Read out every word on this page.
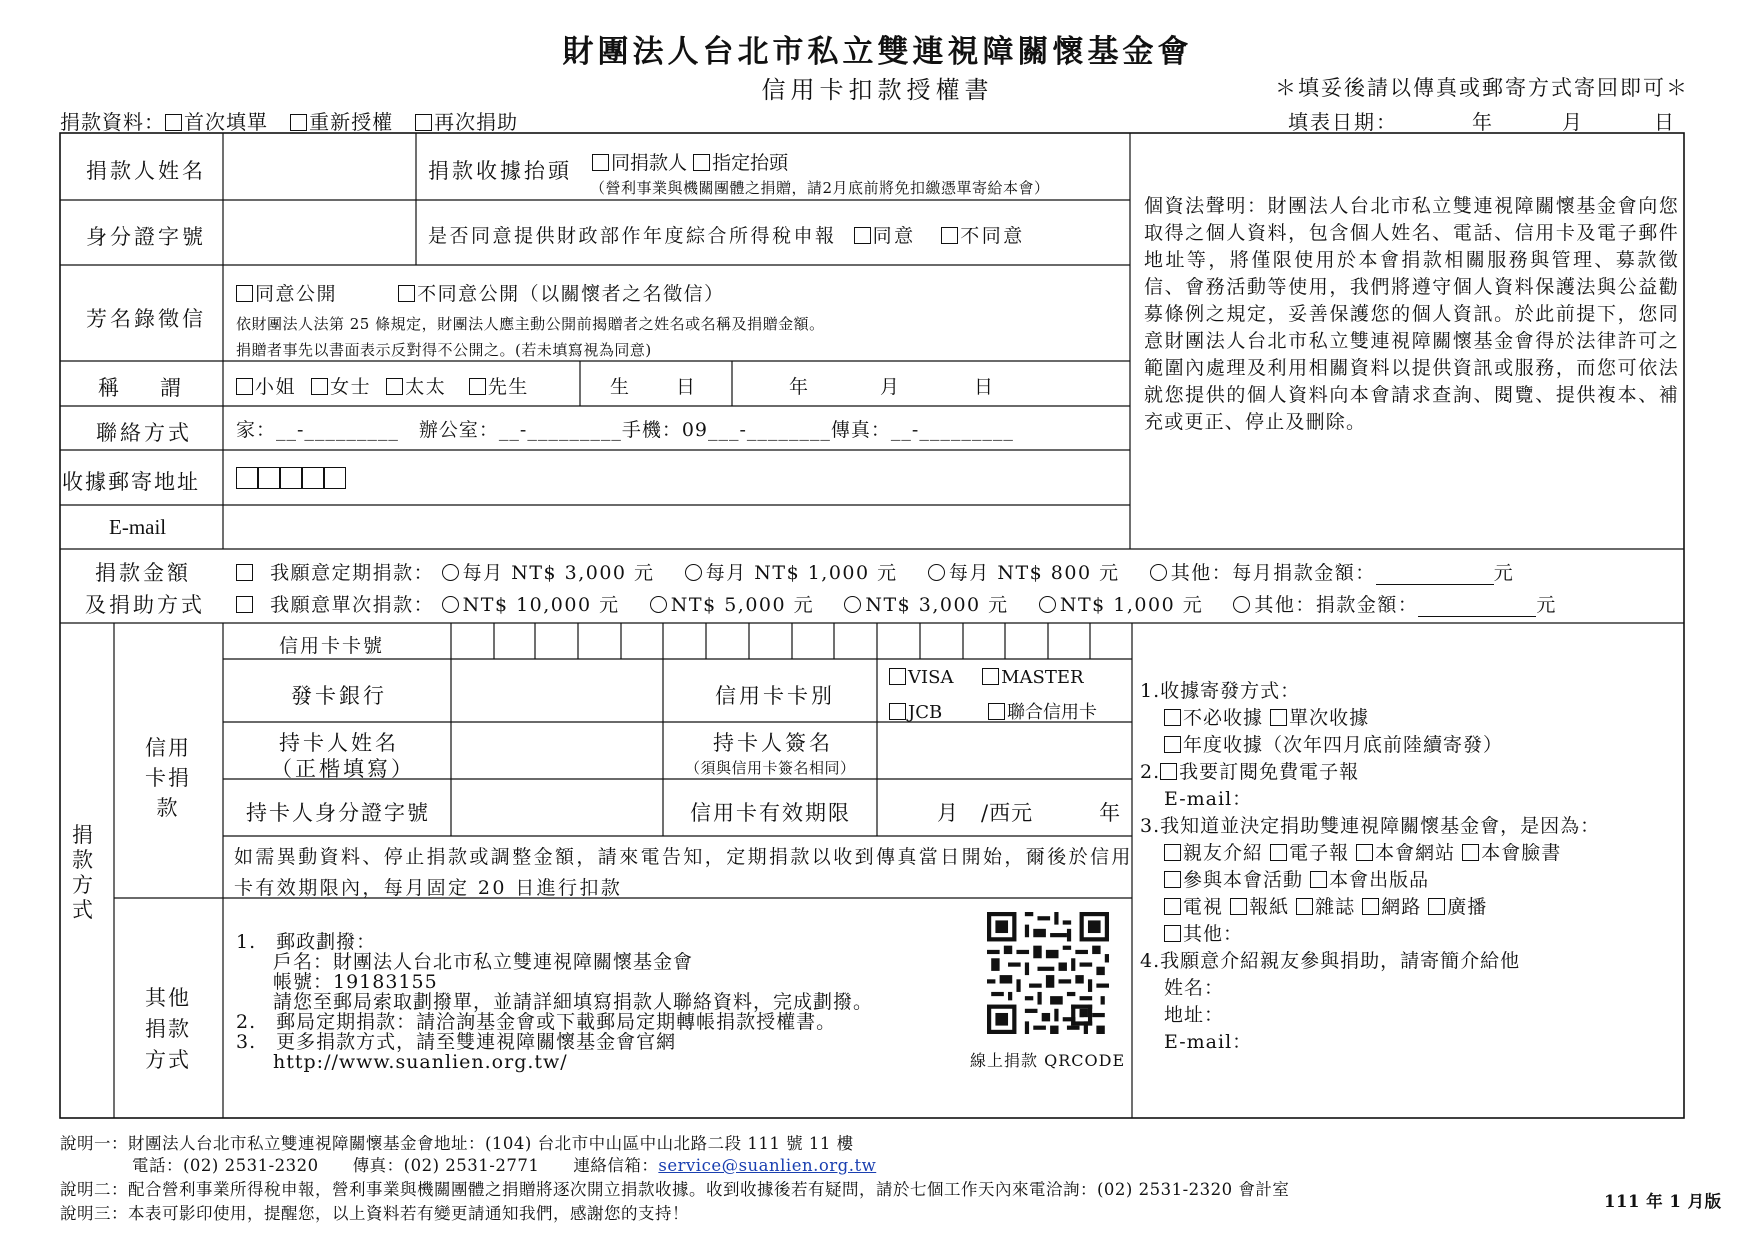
財團法人台北市私立雙連視障關懷基金會
信用卡扣款授權書	＊填妥後請以傳真或郵寄方式寄回即可＊
捐款資料： 首次填單 重新授權 再次捐助	填表日期：	年	月	日
捐款人姓名	捐款收據抬頭	同捐款人 指定抬頭
（營利事業與機關團體之捐贈，請2月底前將免扣繳憑單寄給本會）
身分證字號	是否同意提供財政部作年度綜合所得稅申報 同意 不同意
芳名錄徵信
同意公開	不同意公開（以關懷者之名徵信）
依財團法人法第 25 條規定，財團法人應主動公開前揭贈者之姓名或名稱及捐贈金額。
捐贈者事先以書面表示反對得不公開之。(若未填寫視為同意)
稱　謂	小姐 女士 太太 先生	生　　日	年	月	日
聯絡方式 家：__-_________　辦公室：__-_________手機：09___-________傳真：__-_________
收據郵寄地址
E-mail
個資法聲明：財團法人台北市私立雙連視障關懷基金會向您取得之個人資料，包含個人姓名、電話、信用卡及電子郵件地址等，將僅限使用於本會捐款相關服務與管理、募款徵信、會務活動等使用，我們將遵守個人資料保護法與公益勸募條例之規定，妥善保護您的個人資訊。於此前提下，您同意財團法人台北市私立雙連視障關懷基金會得於法律許可之範圍內處理及利用相關資料以提供資訊或服務，而您可依法就您提供的個人資料向本會請求查詢、閱覽、提供複本、補充或更正、停止及刪除。
捐款金額
及捐助方式
我願意定期捐款： 每月 NT$ 3,000 元	每月 NT$ 1,000 元	每月 NT$ 800 元	其他：每月捐款金額：	元
我願意單次捐款： NT$ 10,000 元	NT$ 5,000 元	NT$ 3,000 元	NT$ 1,000 元	其他：捐款金額：	元
捐款方式
信用卡捐款
信用卡卡號
發卡銀行	信用卡卡別
VISA	MASTER
JCB	聯合信用卡
持卡人姓名
（正楷填寫）
持卡人簽名
（須與信用卡簽名相同）
持卡人身分證字號	信用卡有效期限	月　/西元　　　年
如需異動資料、停止捐款或調整金額，請來電告知，定期捐款以收到傳真當日開始，爾後於信用
卡有效期限內，每月固定 20 日進行扣款
其他捐款方式
1.　郵政劃撥：
戶名：財團法人台北市私立雙連視障關懷基金會
帳號：19183155
請您至郵局索取劃撥單，並請詳細填寫捐款人聯絡資料，完成劃撥。
2.　郵局定期捐款：請洽詢基金會或下載郵局定期轉帳捐款授權書。
3.　更多捐款方式，請至雙連視障關懷基金會官網
http://www.suanlien.org.tw/	線上捐款 QRCODE
1.收據寄發方式：
不必收據 單次收據
年度收據（次年四月底前陸續寄發）
2. 我要訂閱免費電子報
E-mail：
3.我知道並決定捐助雙連視障關懷基金會，是因為：
親友介紹 電子報 本會網站 本會臉書
參與本會活動 本會出版品
電視 報紙 雜誌 網路 廣播
其他：
4.我願意介紹親友參與捐助，請寄簡介給他
姓名：
地址：
E-mail：
說明一：財團法人台北市私立雙連視障關懷基金會地址：(104) 台北市中山區中山北路二段 111 號 11 樓
電話：(02) 2531-2320　　傳真：(02) 2531-2771　　連絡信箱：service@suanlien.org.tw
說明二：配合營利事業所得稅申報，營利事業與機關團體之捐贈將逐次開立捐款收據。收到收據後若有疑問，請於七個工作天內來電洽詢：(02) 2531-2320 會計室
說明三：本表可影印使用，提醒您，以上資料若有變更請通知我們，感謝您的支持！
111 年 1 月版
